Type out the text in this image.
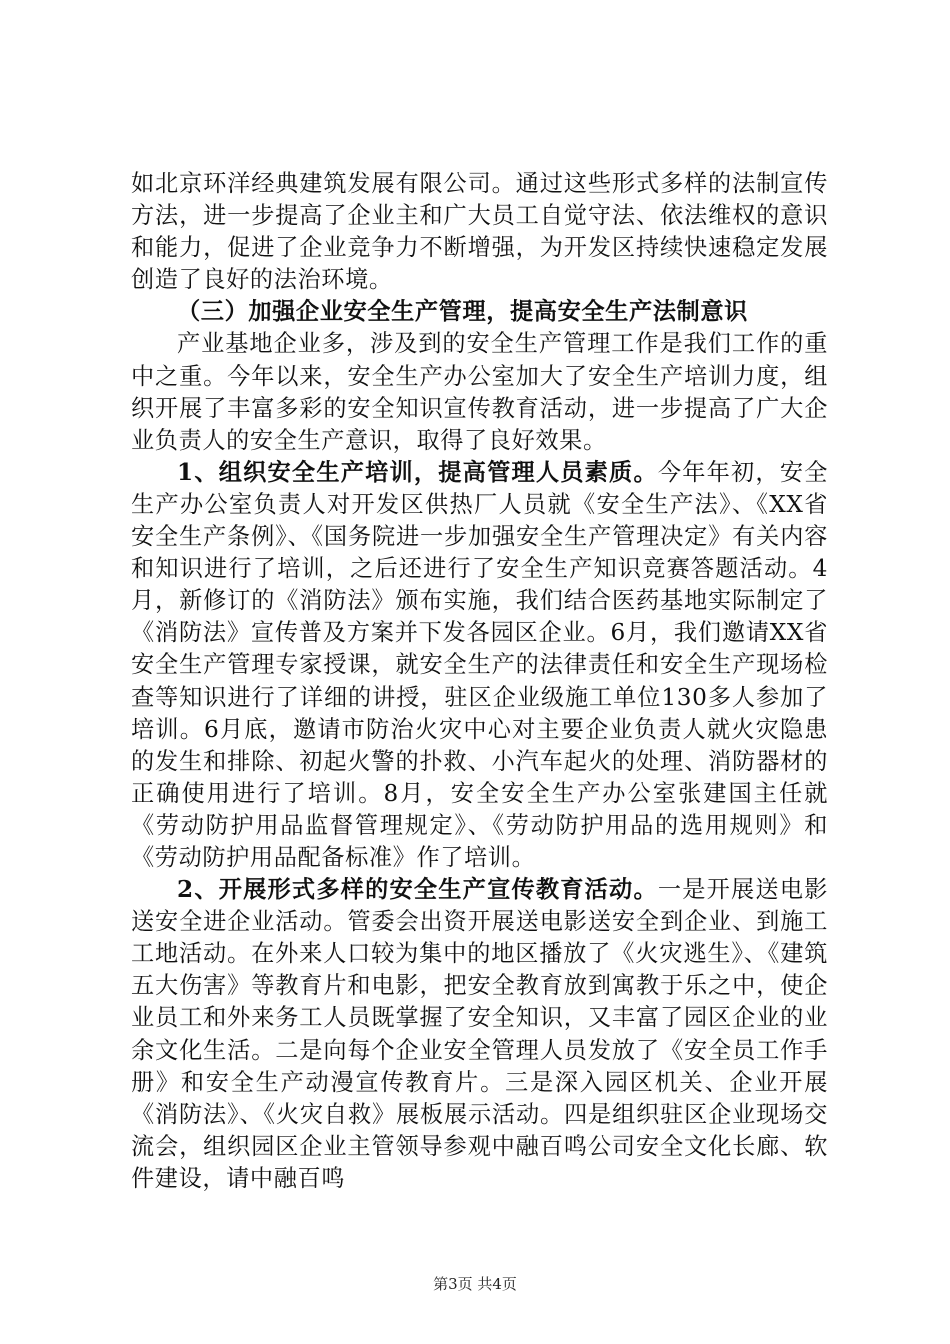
如北京环洋经典建筑发展有限公司。通过这些形式多样的法制宣传方法，进一步提高了企业主和广大员工自觉守法、依法维权的意识和能力，促进了企业竞争力不断增强，为开发区持续快速稳定发展创造了良好的法治环境。

（三）加强企业安全生产管理，提高安全生产法制意识

产业基地企业多，涉及到的安全生产管理工作是我们工作的重中之重。今年以来，安全生产办公室加大了安全生产培训力度，组织开展了丰富多彩的安全知识宣传教育活动，进一步提高了广大企业负责人的安全生产意识，取得了良好效果。

1、组织安全生产培训，提高管理人员素质。今年年初，安全生产办公室负责人对开发区供热厂人员就《安全生产法》、《XX省安全生产条例》、《国务院进一步加强安全生产管理决定》有关内容和知识进行了培训，之后还进行了安全生产知识竞赛答题活动。4月，新修订的《消防法》颁布实施，我们结合医药基地实际制定了《消防法》宣传普及方案并下发各园区企业。6月，我们邀请XX省安全生产管理专家授课，就安全生产的法律责任和安全生产现场检查等知识进行了详细的讲授，驻区企业级施工单位130多人参加了培训。6月底，邀请市防治火灾中心对主要企业负责人就火灾隐患的发生和排除、初起火警的扑救、小汽车起火的处理、消防器材的正确使用进行了培训。8月，安全安全生产办公室张建国主任就《劳动防护用品监督管理规定》、《劳动防护用品的选用规则》和《劳动防护用品配备标准》作了培训。

2、开展形式多样的安全生产宣传教育活动。一是开展送电影送安全进企业活动。管委会出资开展送电影送安全到企业、到施工工地活动。在外来人口较为集中的地区播放了《火灾逃生》、《建筑五大伤害》等教育片和电影，把安全教育放到寓教于乐之中，使企业员工和外来务工人员既掌握了安全知识，又丰富了园区企业的业余文化生活。二是向每个企业安全管理人员发放了《安全员工作手册》和安全生产动漫宣传教育片。三是深入园区机关、企业开展《消防法》、《火灾自救》展板展示活动。四是组织驻区企业现场交流会，组织园区企业主管领导参观中融百鸣公司安全文化长廊、软件建设，请中融百鸣

第3页 共4页
